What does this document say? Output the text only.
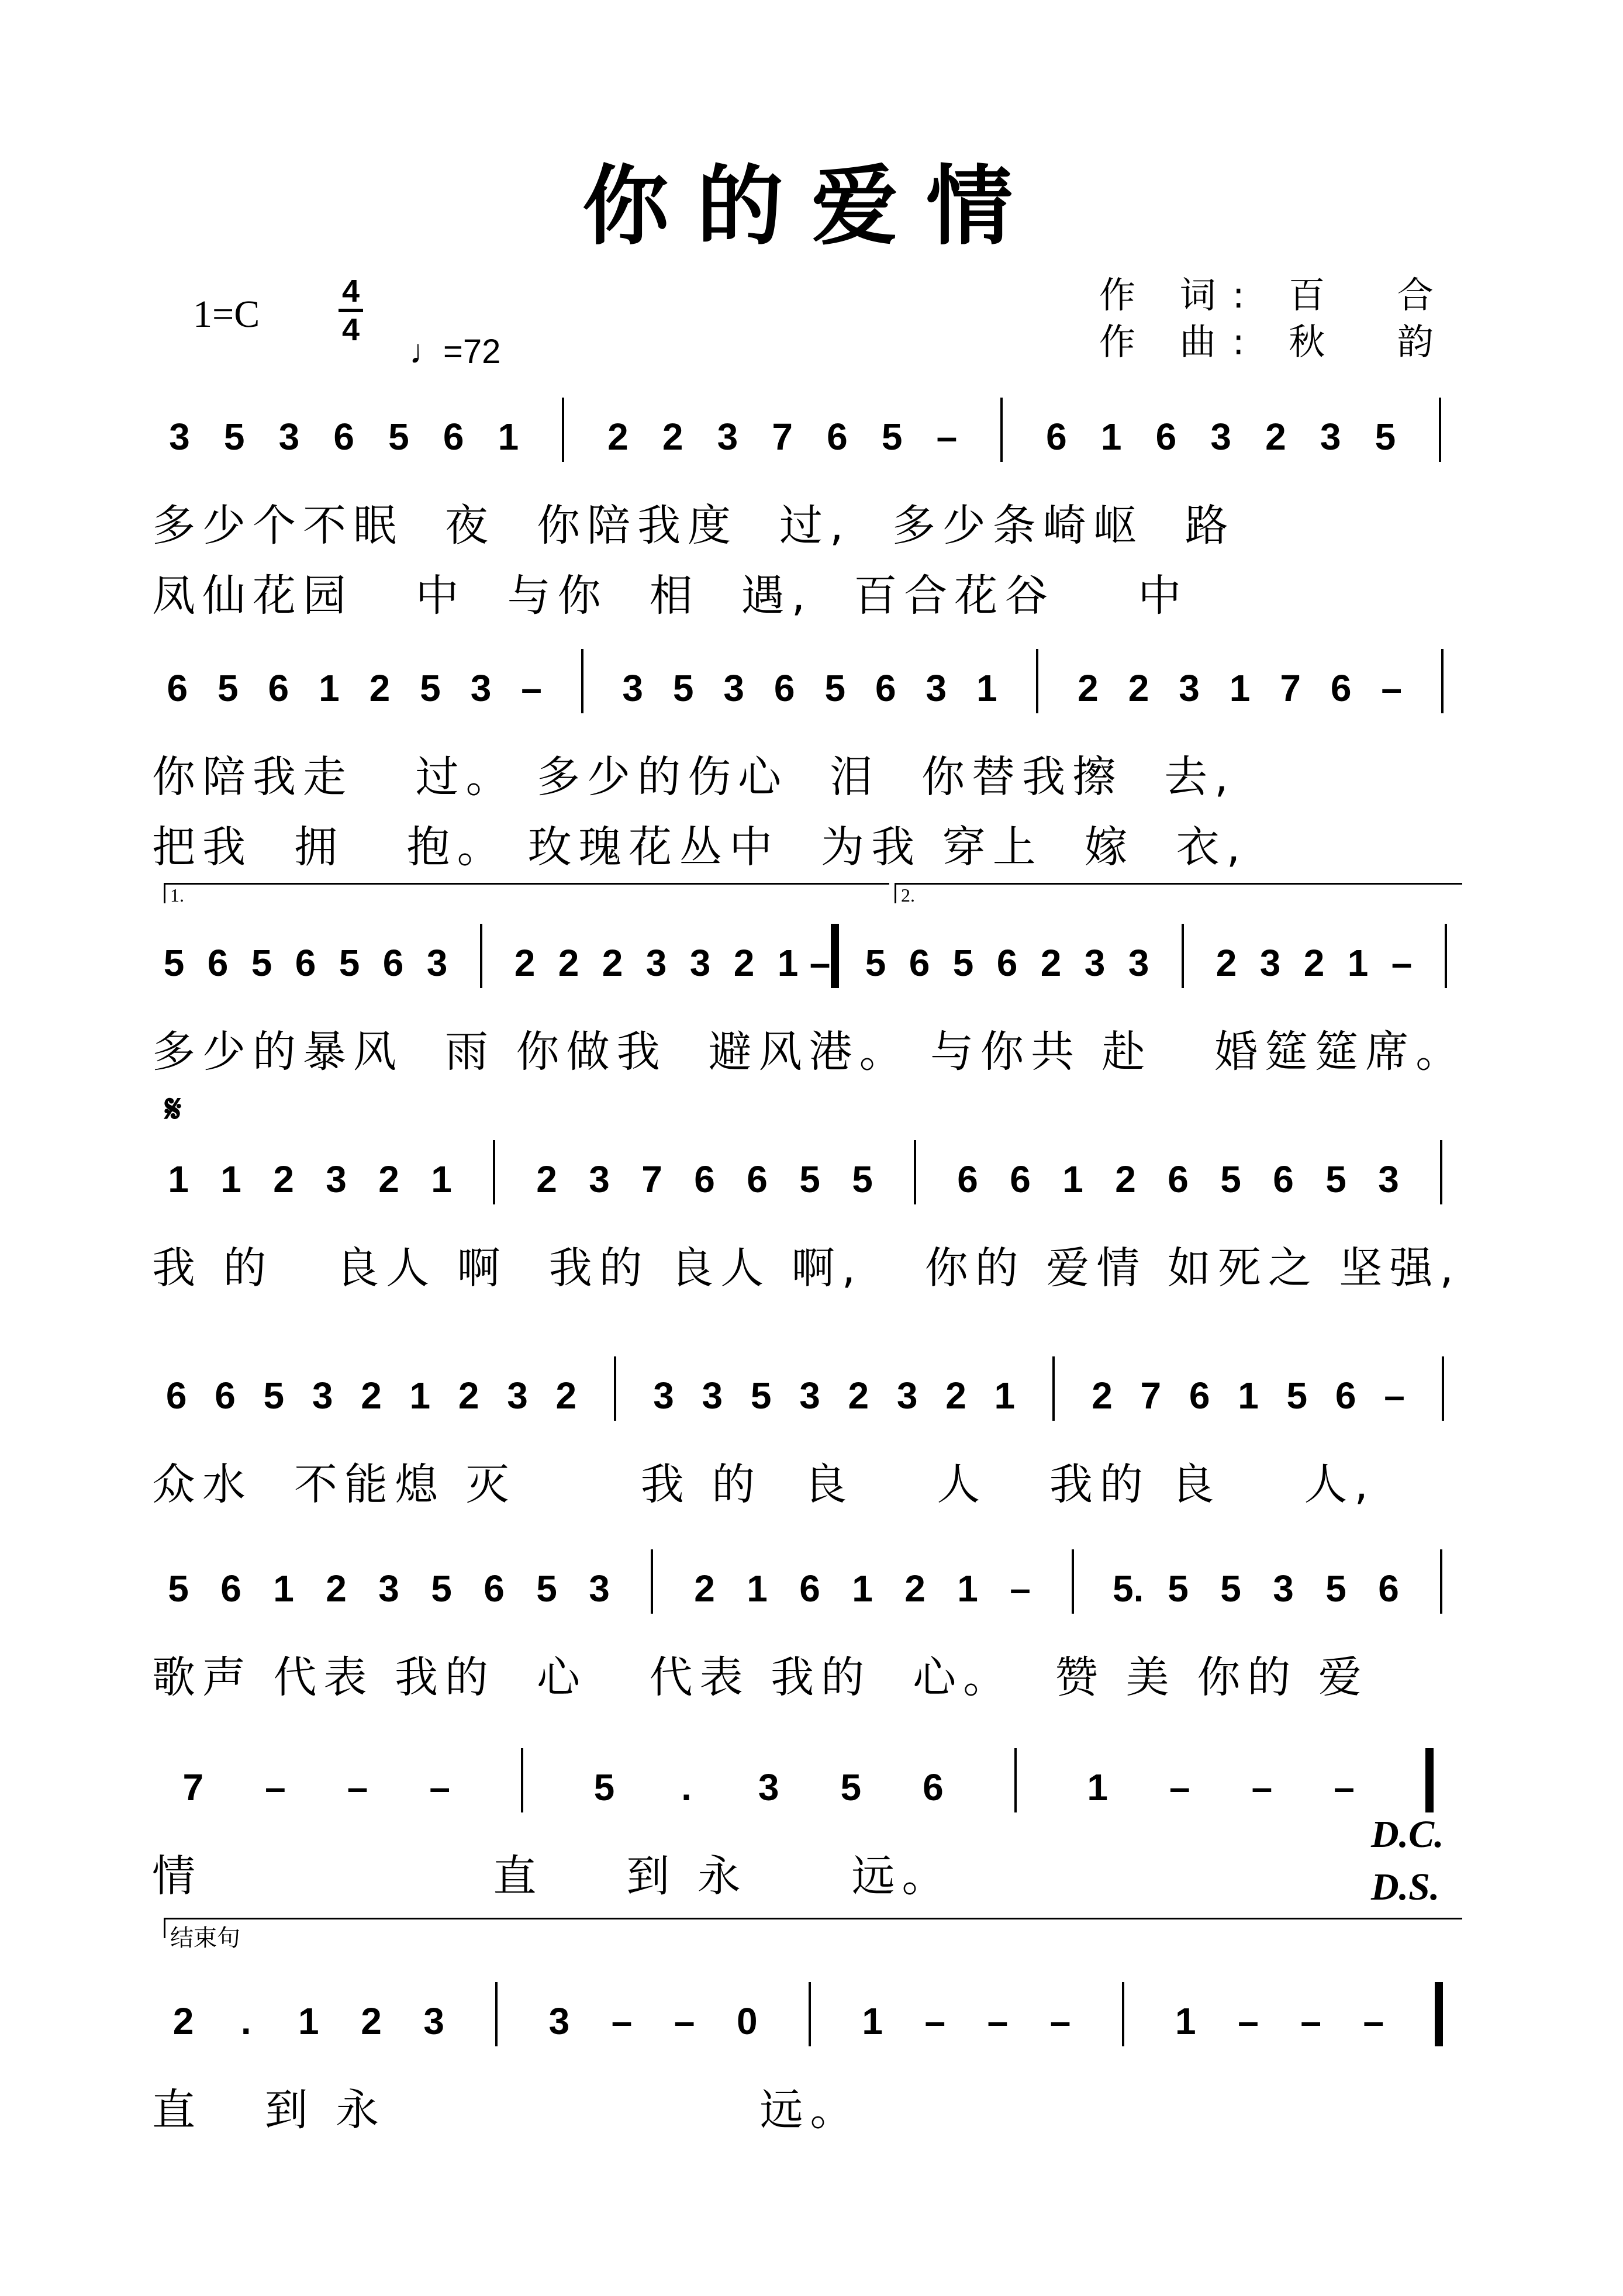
你的爱情
1=C
4
4
♩=72
作 词: 百  合
作 曲: 秋  韵
3 5 3 6 5 6 1 2 2 3 7 6 5 – 6 1 6 3 2 3 5
多少个不眠  夜  你陪我度  过,  多少条崎岖  路
凤仙花园   中  与你  相  遇,  百合花谷    中
6 5 6 1 2 5 3 – 3 5 3 6 5 6 3 1 2 2 3 1 7 6 –
你陪我走   过。 多少的伤心  泪  你替我擦  去,
把我  拥   抱。 玫瑰花丛中  为我 穿上  嫁  衣,
5 6 5 6 5 6 3 2 2 2 3 3 2 1 – 5 6 5 6 2 3 3 2 3 2 1 –
多少的暴风  雨 你做我  避风港。 与你共 赴   婚筵筵席。
1.	2.
1 1 2 3 2 1 2 3 7 6 6 5 5 6 6 1 2 6 5 6 5 3
我 的   良人 啊  我的 良人 啊,   你的 爱情 如死之 坚强,
𝄋
6 6 5 3 2 1 2 3 2 3 3 5 3 2 3 2 1 2 7 6 1 5 6 –
众水  不能熄 灭      我 的  良    人   我的 良    人,
5 6 1 2 3 5 6 5 3 2 1 6 1 2 1 – 5. 5 5 3 5 6
歌声 代表 我的  心   代表 我的  心。  赞 美 你的 爱
7 – – –	5 . 3 5 6	1 – – –
情              直    到 永     远。
D.C.
D.S.
2 . 1 2 3	3 – – 0	1 – – –	1 – – –
直   到 永                  远。
结束句
